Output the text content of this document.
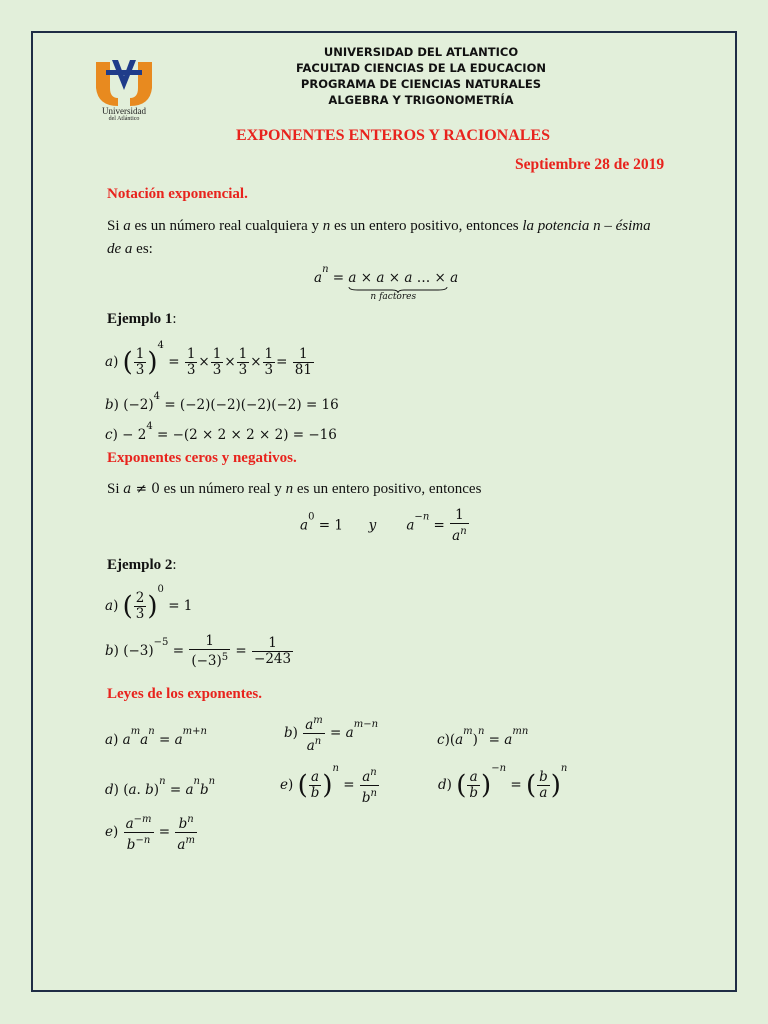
Universidad
del Atlántico
UNIVERSIDAD DEL ATLANTICO
FACULTAD CIENCIAS DE LA EDUCACION
PROGRAMA DE CIENCIAS NATURALES
ALGEBRA Y TRIGONOMETRÍA
EXPONENTES ENTEROS Y RACIONALES
Septiembre 28 de 2019
Notación exponencial.
Si a es un número real cualquiera y n es un entero positivo, entonces la potencia n – ésima
de a es:
$a^n = a \times a \times a$ … × a
n factores
Ejemplo 1:
a) ( $\frac{1}{3} )^4 = \frac{1}{3} \times \frac{1}{3} \times \frac{1}{3} \times \frac{1}{3} = \frac{1}{81}$
b) $(-2)^4 = (-2)(-2)(-2)(-2) = 16$
$c) - 2^4 = -(2 \times 2 \times 2 \times 2) = -16$
Exponentes ceros y negativos.
Si a ≠ 0 es un número real y n es un entero positivo, entonces
$a^0 = 1$      y $a^{-n} = \frac{1}{a^n}$
Ejemplo 2:
a) ( $\frac{2}{3} )^0 = 1$
b) $(-3)^{-5} = \frac{1}{(-3)^5} = \frac{1}{-243}$
Leyes de los exponentes.
a) $a^ma^n = a^{m+n}$	$b) \frac{a^m}{a^n} = a^{m-n}$
$c)(a^m)^n = a^{mn}$
d) (a. $b)^n = a^nb^n$	e) ( $\frac{a}{b} )^n = \frac{a^n}{b^n}$	d) ( $\frac{a}{b} )^{-n}$ = ( $\frac{b}{a} )^n$
$e) \frac{a^{-m}}{b^{-n}} = \frac{b^n}{a^m}$
